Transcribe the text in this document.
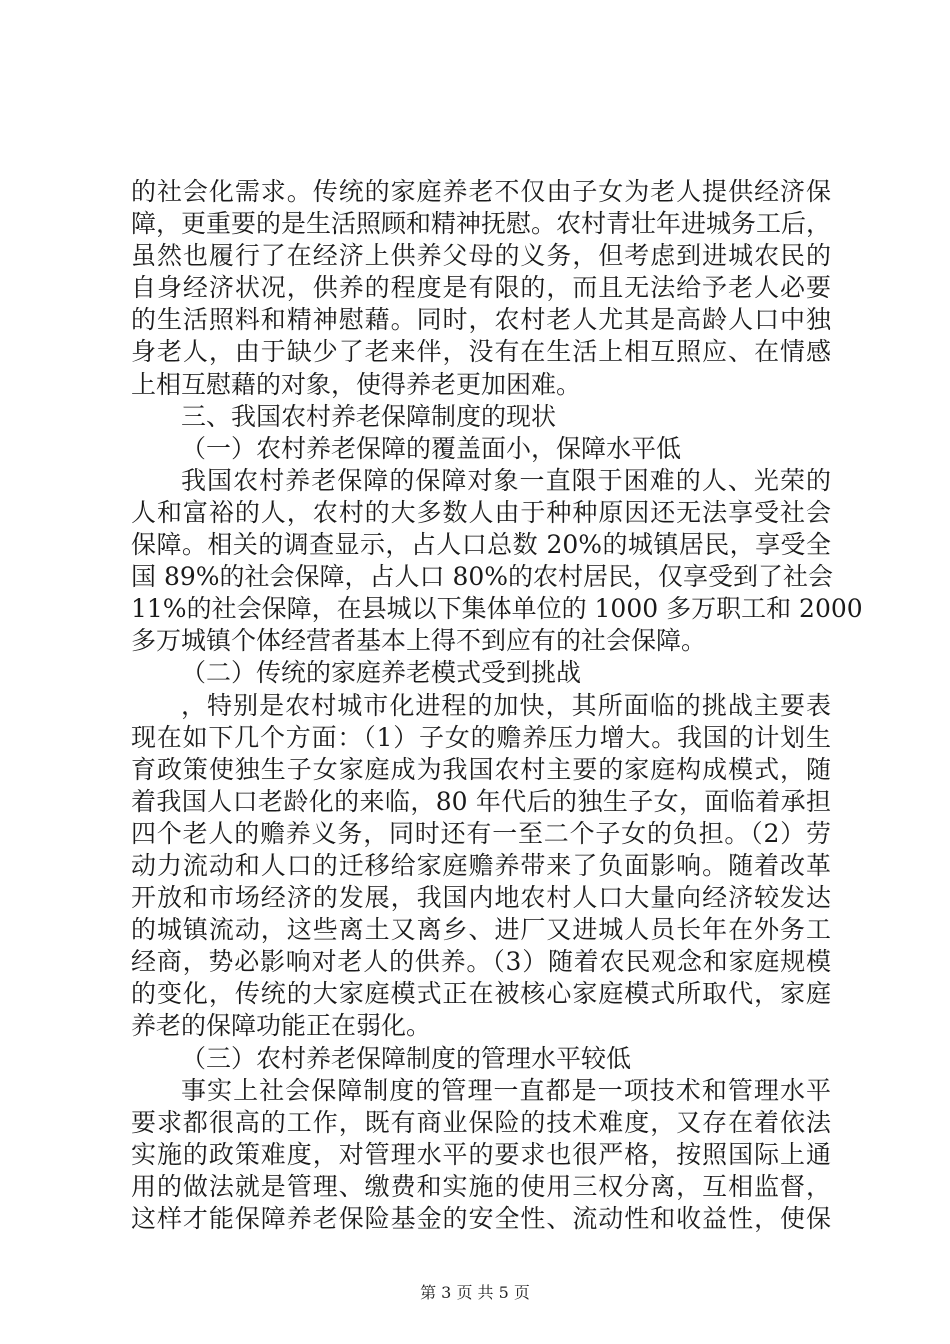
的社会化需求。传统的家庭养老不仅由子女为老人提供经济保
障，更重要的是生活照顾和精神抚慰。农村青壮年进城务工后，
虽然也履行了在经济上供养父母的义务，但考虑到进城农民的
自身经济状况，供养的程度是有限的，而且无法给予老人必要
的生活照料和精神慰藉。同时，农村老人尤其是高龄人口中独
身老人，由于缺少了老来伴，没有在生活上相互照应、在情感
上相互慰藉的对象，使得养老更加困难。
三、我国农村养老保障制度的现状
（一）农村养老保障的覆盖面小，保障水平低
我国农村养老保障的保障对象一直限于困难的人、光荣的
人和富裕的人，农村的大多数人由于种种原因还无法享受社会
保障。相关的调查显示，占人口总数 20%的城镇居民，享受全
国 89%的社会保障，占人口 80%的农村居民，仅享受到了社会
11%的社会保障，在县城以下集体单位的 1000 多万职工和 2000
多万城镇个体经营者基本上得不到应有的社会保障。
（二）传统的家庭养老模式受到挑战
，特别是农村城市化进程的加快，其所面临的挑战主要表
现在如下几个方面：（1）子女的赡养压力增大。我国的计划生
育政策使独生子女家庭成为我国农村主要的家庭构成模式，随
着我国人口老龄化的来临，80 年代后的独生子女，面临着承担
四个老人的赡养义务，同时还有一至二个子女的负担。（2）劳
动力流动和人口的迁移给家庭赡养带来了负面影响。随着改革
开放和市场经济的发展，我国内地农村人口大量向经济较发达
的城镇流动，这些离土又离乡、进厂又进城人员长年在外务工
经商，势必影响对老人的供养。（3）随着农民观念和家庭规模
的变化，传统的大家庭模式正在被核心家庭模式所取代，家庭
养老的保障功能正在弱化。
（三）农村养老保障制度的管理水平较低
事实上社会保障制度的管理一直都是一项技术和管理水平
要求都很高的工作，既有商业保险的技术难度，又存在着依法
实施的政策难度，对管理水平的要求也很严格，按照国际上通
用的做法就是管理、缴费和实施的使用三权分离，互相监督，
这样才能保障养老保险基金的安全性、流动性和收益性，使保
第 3 页 共 5 页
